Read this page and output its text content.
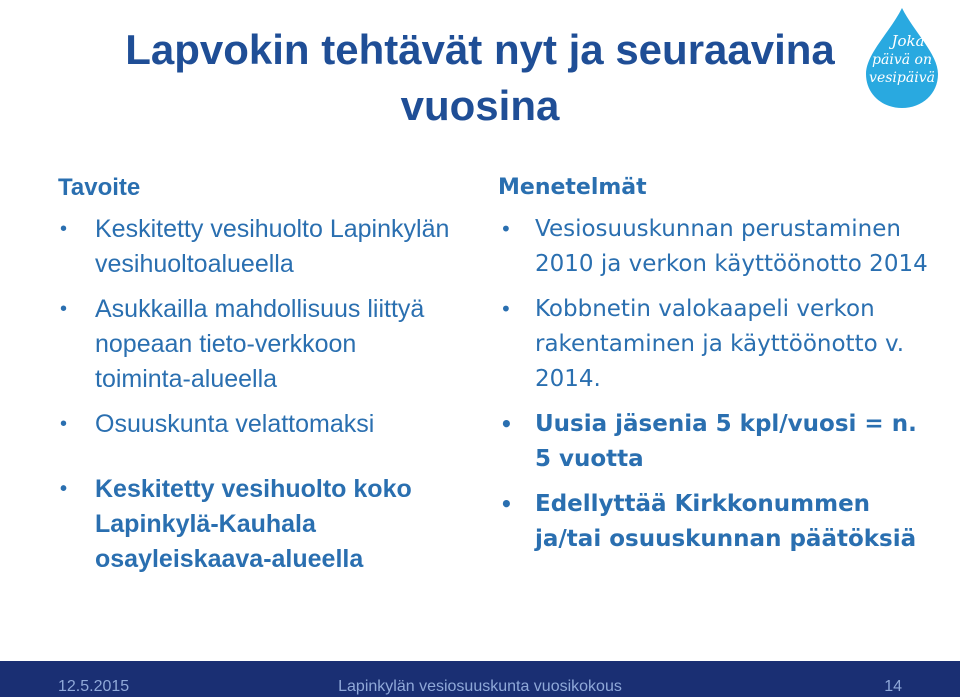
Lapvokin tehtävät nyt ja seuraavina
vuosina
Joka
päivä on
vesipäivä
Tavoite
• Keskitetty vesihuolto Lapinkylän vesihuoltoalueella
• Asukkailla mahdollisuus liittyä nopeaan tieto-verkkoon toiminta-alueella
• Osuuskunta velattomaksi
• Keskitetty vesihuolto koko Lapinkylä-Kauhala osayleiskaava-alueella
Menetelmät
• Vesiosuuskunnan perustaminen 2010 ja verkon käyttöönotto 2014
• Kobbnetin valokaapeli verkon rakentaminen ja käyttöönotto v. 2014.
• Uusia jäsenia 5 kpl/vuosi = n. 5 vuotta
• Edellyttää Kirkkonummen ja/tai osuuskunnan päätöksiä
12.5.2015	Lapinkylän vesiosuuskunta vuosikokous	14
